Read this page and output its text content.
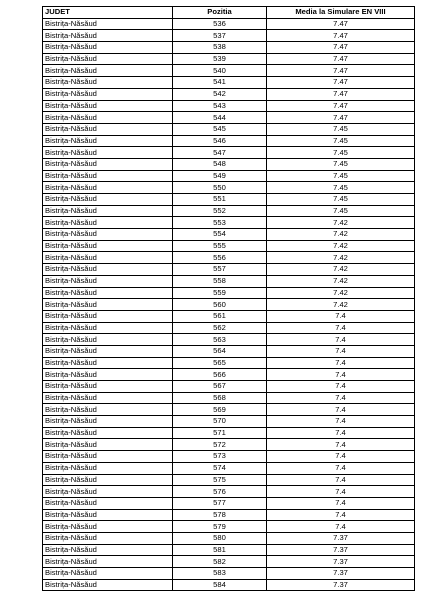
JUDET	Pozitia	Media la Simulare EN VIII
Bistrița-Năsăud	536	7.47
Bistrița-Năsăud	537	7.47
Bistrița-Năsăud	538	7.47
Bistrița-Năsăud	539	7.47
Bistrița-Năsăud	540	7.47
Bistrița-Năsăud	541	7.47
Bistrița-Năsăud	542	7.47
Bistrița-Năsăud	543	7.47
Bistrița-Năsăud	544	7.47
Bistrița-Năsăud	545	7.45
Bistrița-Năsăud	546	7.45
Bistrița-Năsăud	547	7.45
Bistrița-Năsăud	548	7.45
Bistrița-Năsăud	549	7.45
Bistrița-Năsăud	550	7.45
Bistrița-Năsăud	551	7.45
Bistrița-Năsăud	552	7.45
Bistrița-Năsăud	553	7.42
Bistrița-Năsăud	554	7.42
Bistrița-Năsăud	555	7.42
Bistrița-Năsăud	556	7.42
Bistrița-Năsăud	557	7.42
Bistrița-Năsăud	558	7.42
Bistrița-Năsăud	559	7.42
Bistrița-Năsăud	560	7.42
Bistrița-Năsăud	561	7.4
Bistrița-Năsăud	562	7.4
Bistrița-Năsăud	563	7.4
Bistrița-Năsăud	564	7.4
Bistrița-Năsăud	565	7.4
Bistrița-Năsăud	566	7.4
Bistrița-Năsăud	567	7.4
Bistrița-Năsăud	568	7.4
Bistrița-Năsăud	569	7.4
Bistrița-Năsăud	570	7.4
Bistrița-Năsăud	571	7.4
Bistrița-Năsăud	572	7.4
Bistrița-Năsăud	573	7.4
Bistrița-Năsăud	574	7.4
Bistrița-Năsăud	575	7.4
Bistrița-Năsăud	576	7.4
Bistrița-Năsăud	577	7.4
Bistrița-Năsăud	578	7.4
Bistrița-Năsăud	579	7.4
Bistrița-Năsăud	580	7.37
Bistrița-Năsăud	581	7.37
Bistrița-Năsăud	582	7.37
Bistrița-Năsăud	583	7.37
Bistrița-Năsăud	584	7.37
